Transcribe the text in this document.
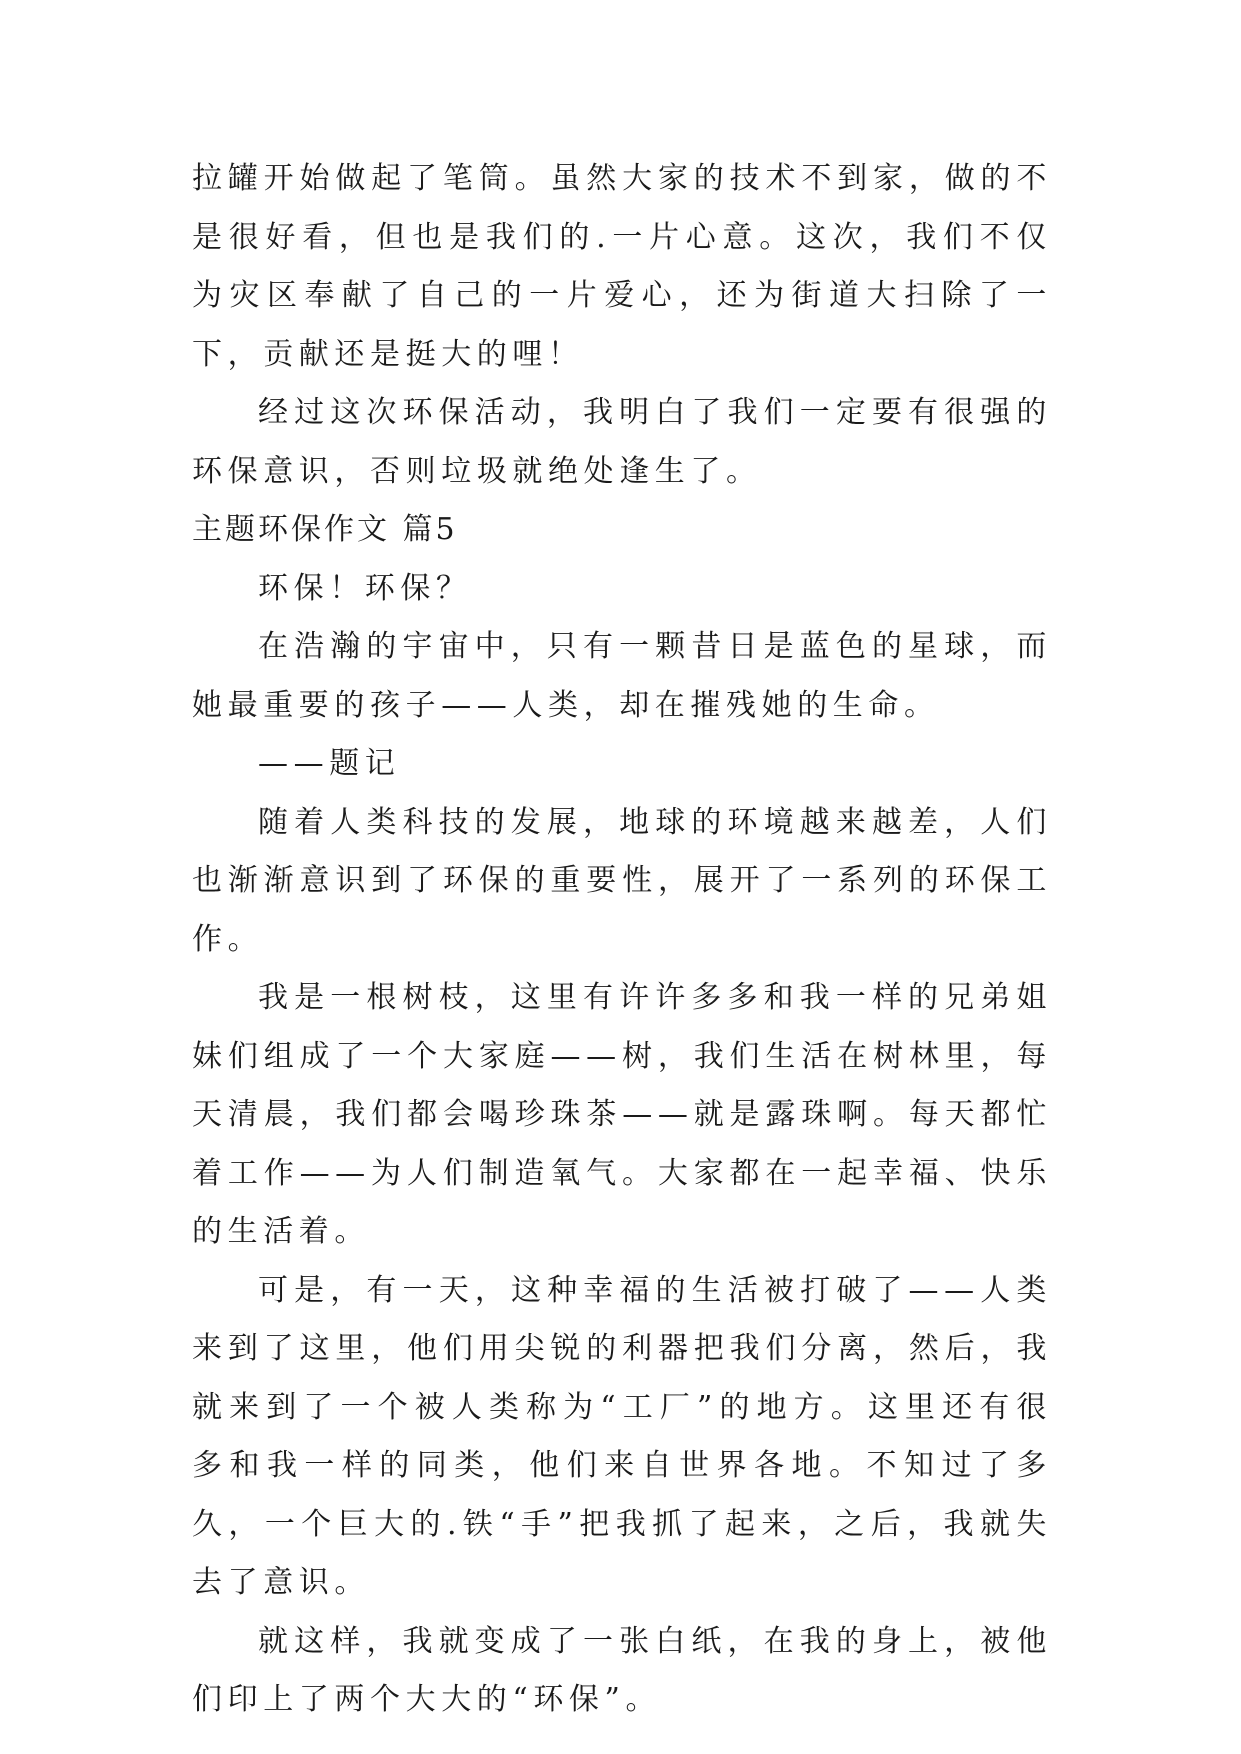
拉罐开始做起了笔筒。虽然大家的技术不到家，做的不是很好看，但也是我们的.一片心意。这次，我们不仅为灾区奉献了自己的一片爱心，还为街道大扫除了一下，贡献还是挺大的哩！

经过这次环保活动，我明白了我们一定要有很强的环保意识，否则垃圾就绝处逢生了。

主题环保作文 篇5

环保！环保？

在浩瀚的宇宙中，只有一颗昔日是蓝色的星球，而她最重要的孩子——人类，却在摧残她的生命。

——题记

随着人类科技的发展，地球的环境越来越差，人们也渐渐意识到了环保的重要性，展开了一系列的环保工作。

我是一根树枝，这里有许许多多和我一样的兄弟姐妹们组成了一个大家庭——树，我们生活在树林里，每天清晨，我们都会喝珍珠茶——就是露珠啊。每天都忙着工作——为人们制造氧气。大家都在一起幸福、快乐的生活着。

可是，有一天，这种幸福的生活被打破了——人类来到了这里，他们用尖锐的利器把我们分离，然后，我就来到了一个被人类称为“工厂”的地方。这里还有很多和我一样的同类，他们来自世界各地。不知过了多久，一个巨大的.铁“手”把我抓了起来，之后，我就失去了意识。

就这样，我就变成了一张白纸，在我的身上，被他们印上了两个大大的“环保”。
